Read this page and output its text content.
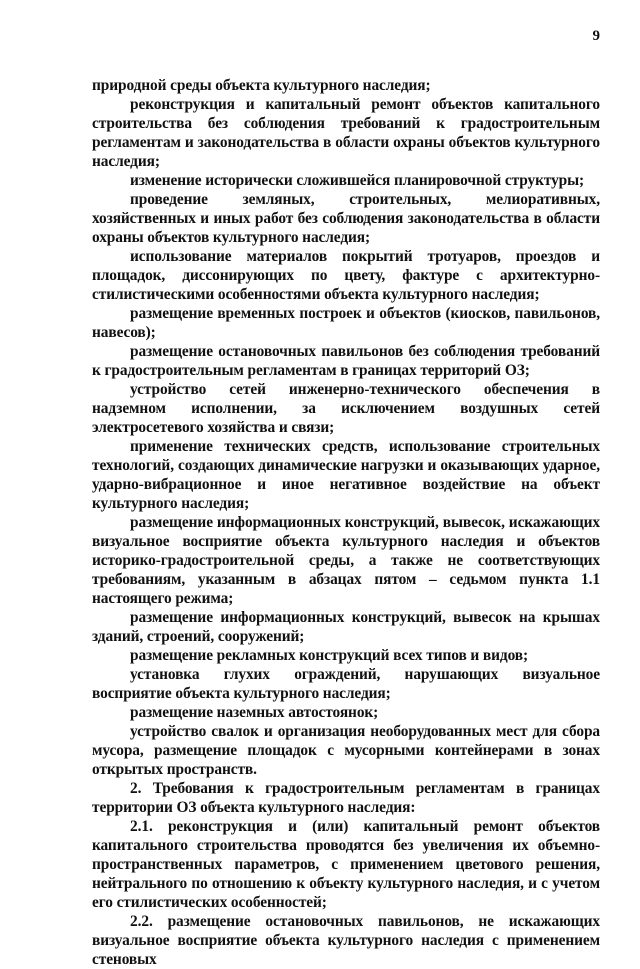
9

природной среды объекта культурного наследия;

реконструкция и капитальный ремонт объектов капитального строительства без соблюдения требований к градостроительным регламентам и законодательства в области охраны объектов культурного наследия;

изменение исторически сложившейся планировочной структуры;

проведение земляных, строительных, мелиоративных, хозяйственных и иных работ без соблюдения законодательства в области охраны объектов культурного наследия;

использование материалов покрытий тротуаров, проездов и площадок, диссонирующих по цвету, фактуре с архитектурно-стилистическими особенностями объекта культурного наследия;

размещение временных построек и объектов (киосков, павильонов, навесов);

размещение остановочных павильонов без соблюдения требований к градостроительным регламентам в границах территорий ОЗ;

устройство сетей инженерно-технического обеспечения в надземном исполнении, за исключением воздушных сетей электросетевого хозяйства и связи;

применение технических средств, использование строительных технологий, создающих динамические нагрузки и оказывающих ударное, ударно-вибрационное и иное негативное воздействие на объект культурного наследия;

размещение информационных конструкций, вывесок, искажающих визуальное восприятие объекта культурного наследия и объектов историко-градостроительной среды, а также не соответствующих требованиям, указанным в абзацах пятом – седьмом пункта 1.1 настоящего режима;

размещение информационных конструкций, вывесок на крышах зданий, строений, сооружений;

размещение рекламных конструкций всех типов и видов;

установка глухих ограждений, нарушающих визуальное восприятие объекта культурного наследия;

размещение наземных автостоянок;

устройство свалок и организация необорудованных мест для сбора мусора, размещение площадок с мусорными контейнерами в зонах открытых пространств.

2. Требования к градостроительным регламентам в границах территории ОЗ объекта культурного наследия:

2.1. реконструкция и (или) капитальный ремонт объектов капитального строительства проводятся без увеличения их объемно-пространственных параметров, с применением цветового решения, нейтрального по отношению к объекту культурного наследия, и с учетом его стилистических особенностей;

2.2. размещение остановочных павильонов, не искажающих визуальное восприятие объекта культурного наследия с применением стеновых
